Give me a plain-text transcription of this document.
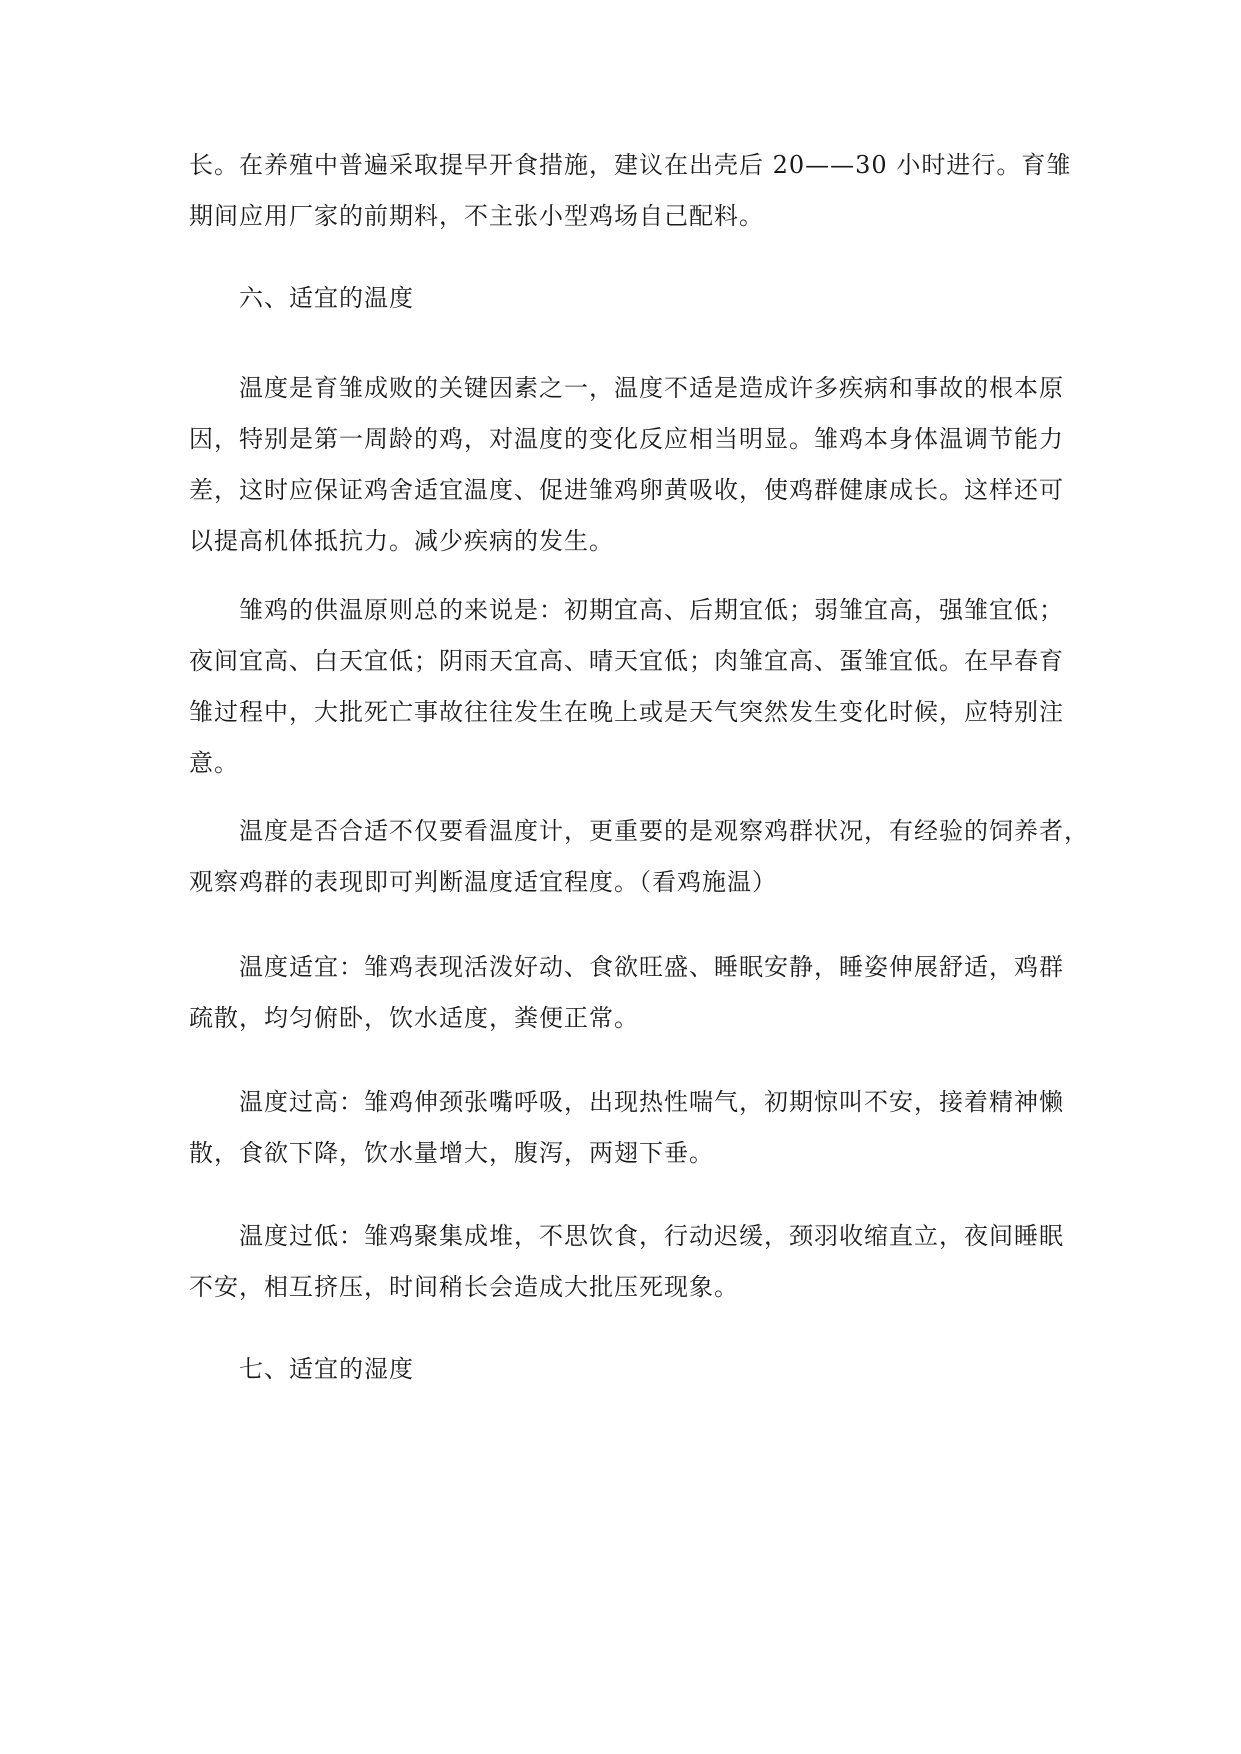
长。在养殖中普遍采取提早开食措施，建议在出壳后 20——30 小时进行。育雏
期间应用厂家的前期料，不主张小型鸡场自己配料。
六、适宜的温度
温度是育雏成败的关键因素之一，温度不适是造成许多疾病和事故的根本原
因，特别是第一周龄的鸡，对温度的变化反应相当明显。雏鸡本身体温调节能力
差，这时应保证鸡舍适宜温度、促进雏鸡卵黄吸收，使鸡群健康成长。这样还可
以提高机体抵抗力。减少疾病的发生。
雏鸡的供温原则总的来说是：初期宜高、后期宜低；弱雏宜高，强雏宜低；
夜间宜高、白天宜低；阴雨天宜高、晴天宜低；肉雏宜高、蛋雏宜低。在早春育
雏过程中，大批死亡事故往往发生在晚上或是天气突然发生变化时候，应特别注
意。
温度是否合适不仅要看温度计，更重要的是观察鸡群状况，有经验的饲养者，
观察鸡群的表现即可判断温度适宜程度。（看鸡施温）
温度适宜：雏鸡表现活泼好动、食欲旺盛、睡眠安静，睡姿伸展舒适，鸡群
疏散，均匀俯卧，饮水适度，粪便正常。
温度过高：雏鸡伸颈张嘴呼吸，出现热性喘气，初期惊叫不安，接着精神懒
散，食欲下降，饮水量增大，腹泻，两翅下垂。
温度过低：雏鸡聚集成堆，不思饮食，行动迟缓，颈羽收缩直立，夜间睡眠
不安，相互挤压，时间稍长会造成大批压死现象。
七、适宜的湿度
